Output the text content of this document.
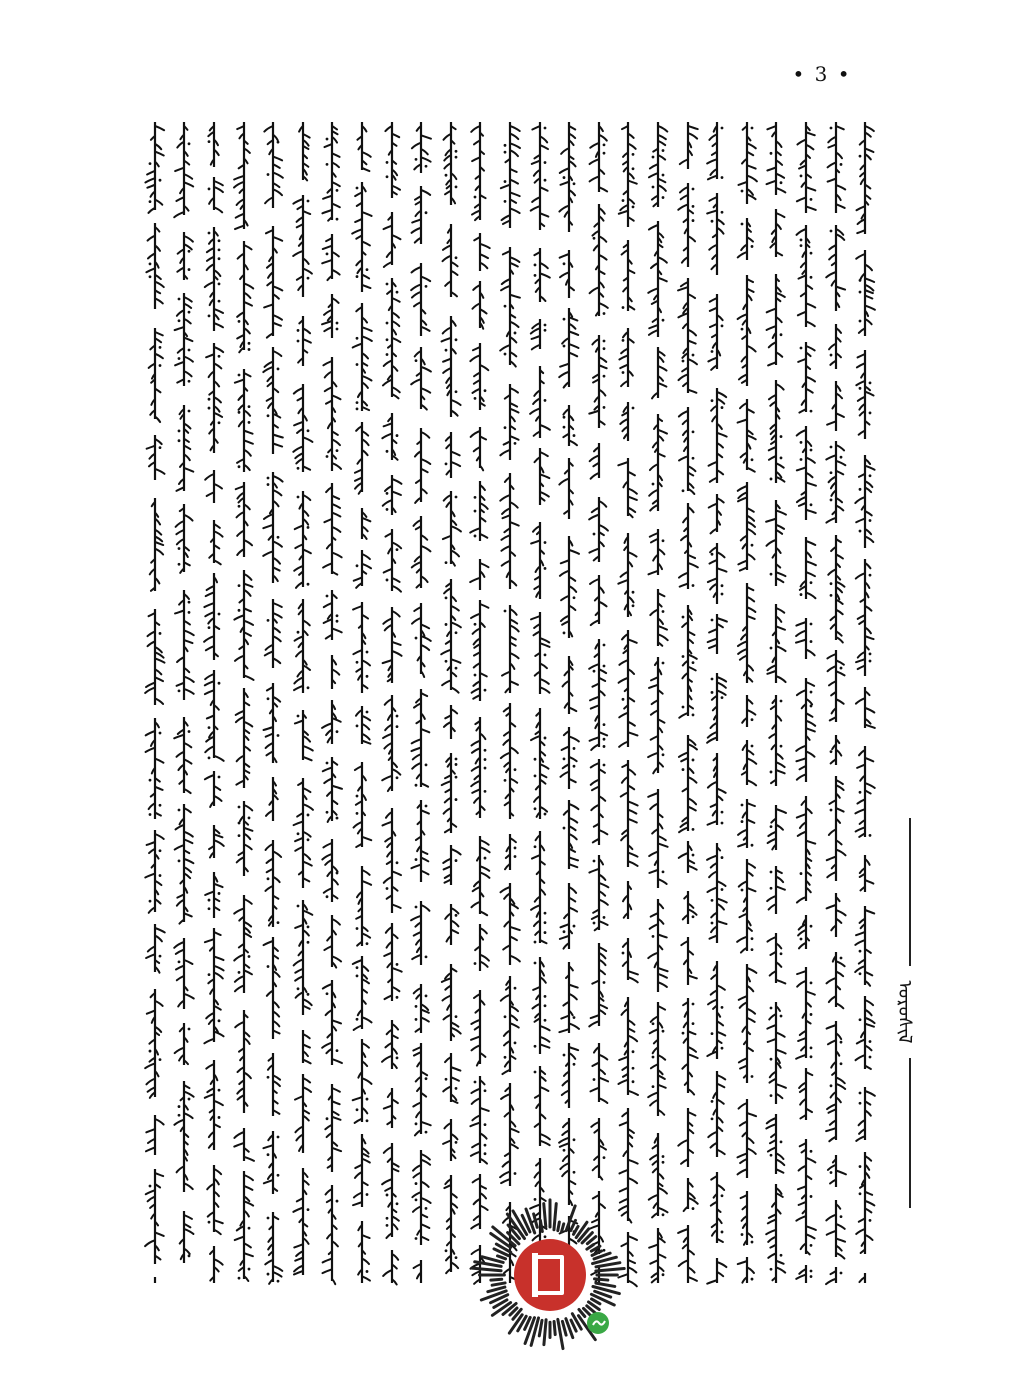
• 3 •
ᠣᠷᠣᠰᠢᠯ
